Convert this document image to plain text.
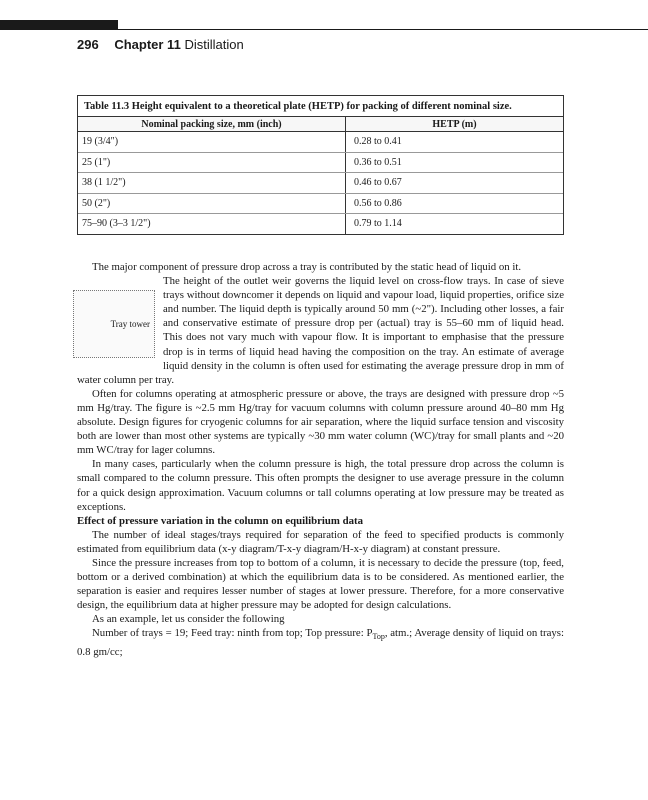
296 Chapter 11 Distillation
Table 11.3 Height equivalent to a theoretical plate (HETP) for packing of different nominal size.
Nominal packing size, mm (inch)	HETP (m)
19 (3/4")	0.28 to 0.41
25 (1")	0.36 to 0.51
38 (1 1/2")	0.46 to 0.67
50 (2")	0.56 to 0.86
75–90 (3–3 1/2")	0.79 to 1.14

The major component of pressure drop across a tray is contributed by the static head of liquid on it.

Tray tower

The height of the outlet weir governs the liquid level on cross-flow trays. In case of sieve trays without downcomer it depends on liquid and vapour load, liquid properties, orifice size and number. The liquid depth is typically around 50 mm (~2"). Including other losses, a fair and conservative estimate of pressure drop per (actual) tray is 55–60 mm of liquid head. This does not vary much with vapour flow. It is important to emphasise that the pressure drop is in terms of liquid head having the composition on the tray. An estimate of average liquid density in the column is often used for estimating the average pressure drop in mm of water column per tray.

Often for columns operating at atmospheric pressure or above, the trays are designed with pressure drop ~5 mm Hg/tray. The figure is ~2.5 mm Hg/tray for vacuum columns with column pressure around 40–80 mm Hg absolute. Design figures for cryogenic columns for air separation, where the liquid surface tension and viscosity both are lower than most other systems are typically ~30 mm water column (WC)/tray for small plants and ~20 mm WC/tray for lager columns.

In many cases, particularly when the column pressure is high, the total pressure drop across the column is small compared to the column pressure. This often prompts the designer to use average pressure in the column for a quick design approximation. Vacuum columns or tall columns operating at low pressure may be treated as exceptions.

Effect of pressure variation in the column on equilibrium data

The number of ideal stages/trays required for separation of the feed to specified products is commonly estimated from equilibrium data (x-y diagram/T-x-y diagram/H-x-y diagram) at constant pressure.

Since the pressure increases from top to bottom of a column, it is necessary to decide the pressure (top, feed, bottom or a derived combination) at which the equilibrium data is to be considered. As mentioned earlier, the separation is easier and requires lesser number of stages at lower pressure. Therefore, for a more conservative design, the equilibrium data at higher pressure may be adopted for design calculations.

As an example, let us consider the following

Number of trays = 19; Feed tray: ninth from top; Top pressure: $P_{Top}$, atm.; Average density of liquid on trays: 0.8 gm/cc;
